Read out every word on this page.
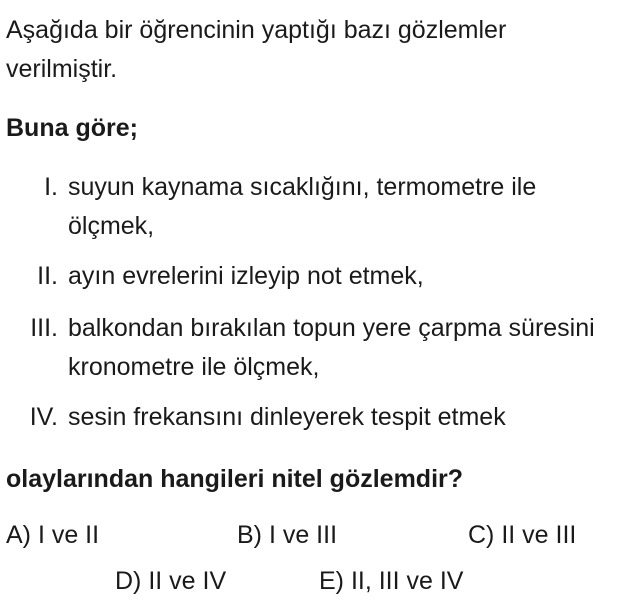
Aşağıda bir öğrencinin yaptığı bazı gözlemler verilmiştir.

Buna göre;

I. suyun kaynama sıcaklığını, termometre ile ölçmek,
II. ayın evrelerini izleyip not etmek,
III. balkondan bırakılan topun yere çarpma süresini kronometre ile ölçmek,
IV. sesin frekansını dinleyerek tespit etmek

olaylarından hangileri nitel gözlemdir?

A) I ve II	B) I ve III	C) II ve III
D) II ve IV	E) II, III ve IV
